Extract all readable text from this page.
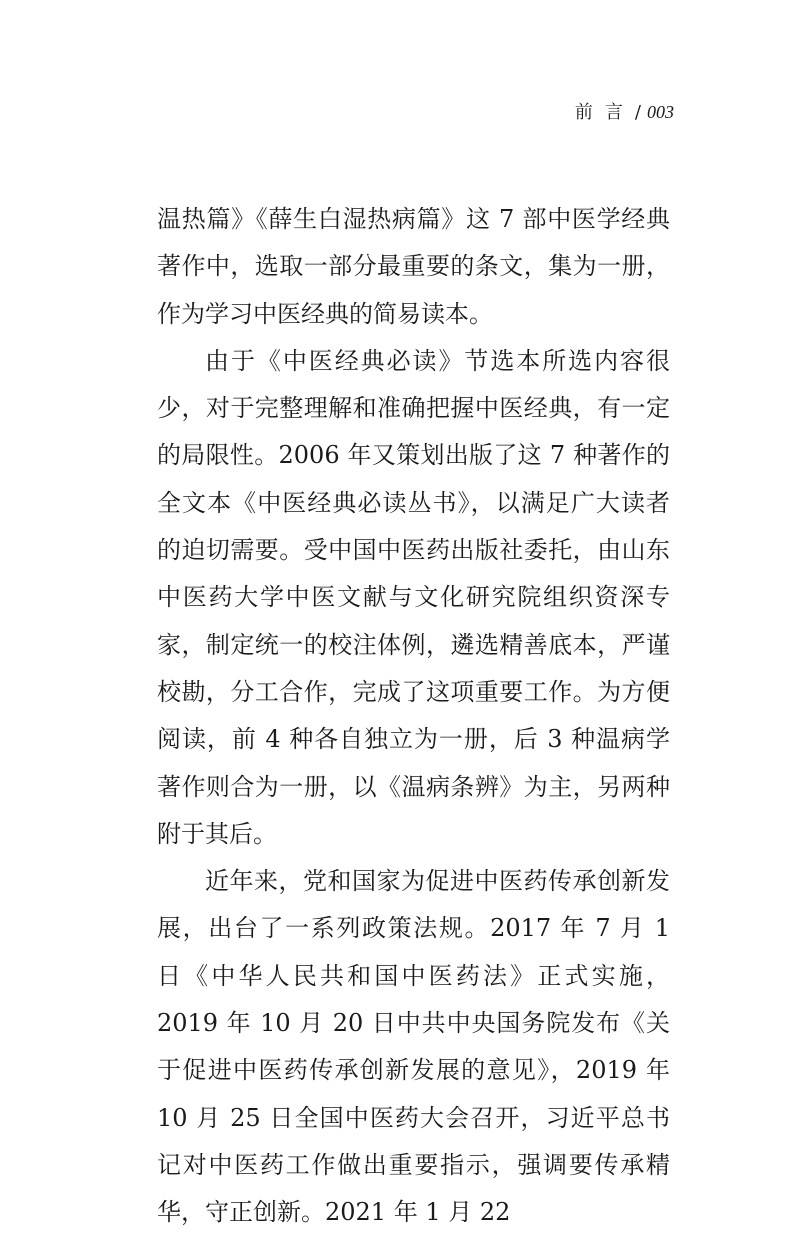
前言/ 003

温热篇》《薛生白湿热病篇》这 7 部中医学经典著作中，选取一部分最重要的条文，集为一册，作为学习中医经典的简易读本。

由于《中医经典必读》节选本所选内容很少，对于完整理解和准确把握中医经典，有一定的局限性。2006 年又策划出版了这 7 种著作的全文本《中医经典必读丛书》，以满足广大读者的迫切需要。受中国中医药出版社委托，由山东中医药大学中医文献与文化研究院组织资深专家，制定统一的校注体例，遴选精善底本，严谨校勘，分工合作，完成了这项重要工作。为方便阅读，前 4 种各自独立为一册，后 3 种温病学著作则合为一册，以《温病条辨》为主，另两种附于其后。

近年来，党和国家为促进中医药传承创新发展，出台了一系列政策法规。2017 年 7 月 1 日《中华人民共和国中医药法》正式实施，2019 年 10 月 20 日中共中央国务院发布《关于促进中医药传承创新发展的意见》，2019 年 10 月 25 日全国中医药大会召开，习近平总书记对中医药工作做出重要指示，强调要传承精华，守正创新。2021 年 1 月 22
